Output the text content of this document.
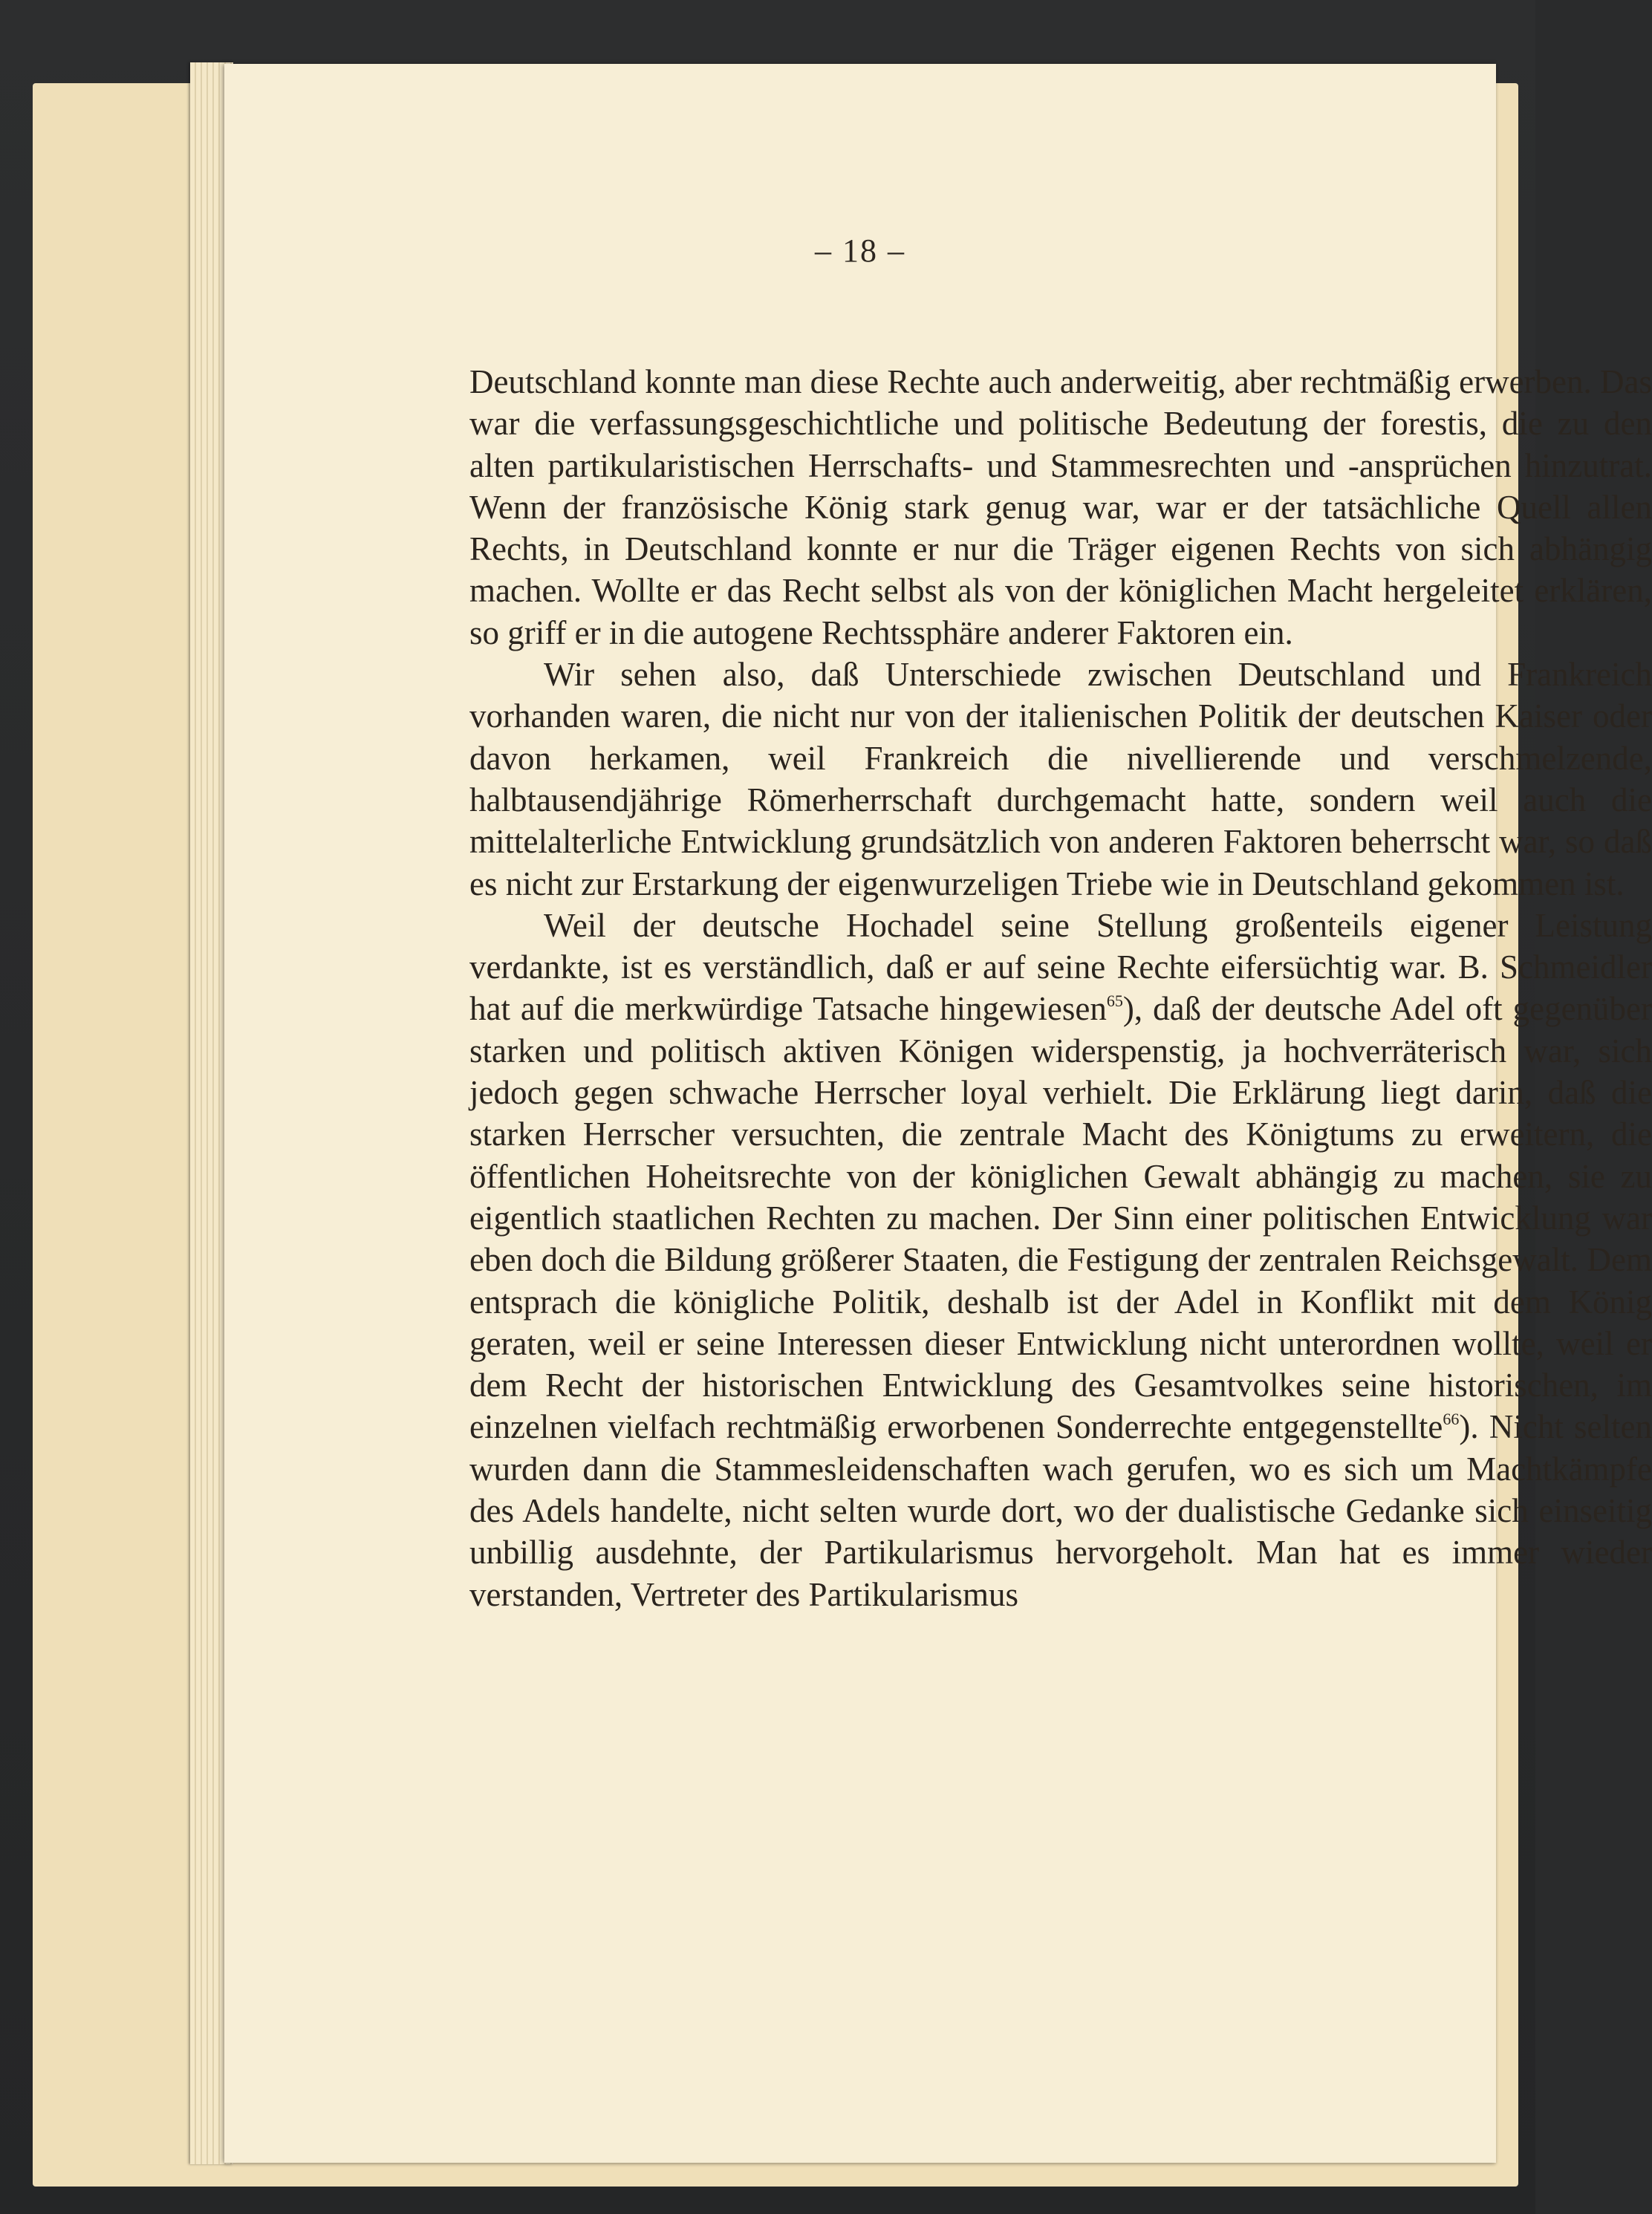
– 18 –

Deutschland konnte man diese Rechte auch anderweitig, aber rechtmäßig erwerben. Das war die verfassungsgeschichtliche und politische Bedeutung der forestis, die zu den alten partikularistischen Herrschafts- und Stammesrechten und -ansprüchen hinzutrat. Wenn der französische König stark genug war, war er der tatsächliche Quell allen Rechts, in Deutschland konnte er nur die Träger eigenen Rechts von sich abhängig machen. Wollte er das Recht selbst als von der königlichen Macht hergeleitet erklären, so griff er in die autogene Rechtssphäre anderer Faktoren ein.

Wir sehen also, daß Unterschiede zwischen Deutschland und Frankreich vorhanden waren, die nicht nur von der italienischen Politik der deutschen Kaiser oder davon herkamen, weil Frankreich die nivellierende und verschmelzende, halbtausendjährige Römerherrschaft durchgemacht hatte, sondern weil auch die mittelalterliche Entwicklung grundsätzlich von anderen Faktoren beherrscht war, so daß es nicht zur Erstarkung der eigenwurzeligen Triebe wie in Deutschland gekommen ist.

Weil der deutsche Hochadel seine Stellung großenteils eigener Leistung verdankte, ist es verständlich, daß er auf seine Rechte eifersüchtig war. B. Schmeidler hat auf die merkwürdige Tatsache hingewiesen$^{65}$), daß der deutsche Adel oft gegenüber starken und politisch aktiven Königen widerspenstig, ja hochverräterisch war, sich jedoch gegen schwache Herrscher loyal verhielt. Die Erklärung liegt darin, daß die starken Herrscher versuchten, die zentrale Macht des Königtums zu erweitern, die öffentlichen Hoheitsrechte von der königlichen Gewalt abhängig zu machen, sie zu eigentlich staatlichen Rechten zu machen. Der Sinn einer politischen Entwicklung war eben doch die Bildung größerer Staaten, die Festigung der zentralen Reichsgewalt. Dem entsprach die königliche Politik, deshalb ist der Adel in Konflikt mit dem König geraten, weil er seine Interessen dieser Entwicklung nicht unterordnen wollte, weil er dem Recht der historischen Entwicklung des Gesamtvolkes seine historischen, im einzelnen vielfach rechtmäßig erworbenen Sonderrechte entgegenstellte$^{66}$). Nicht selten wurden dann die Stammesleidenschaften wach gerufen, wo es sich um Machtkämpfe des Adels handelte, nicht selten wurde dort, wo der dualistische Gedanke sich einseitig unbillig ausdehnte, der Partikularismus hervorgeholt. Man hat es immer wieder verstanden, Vertreter des Partikularismus
